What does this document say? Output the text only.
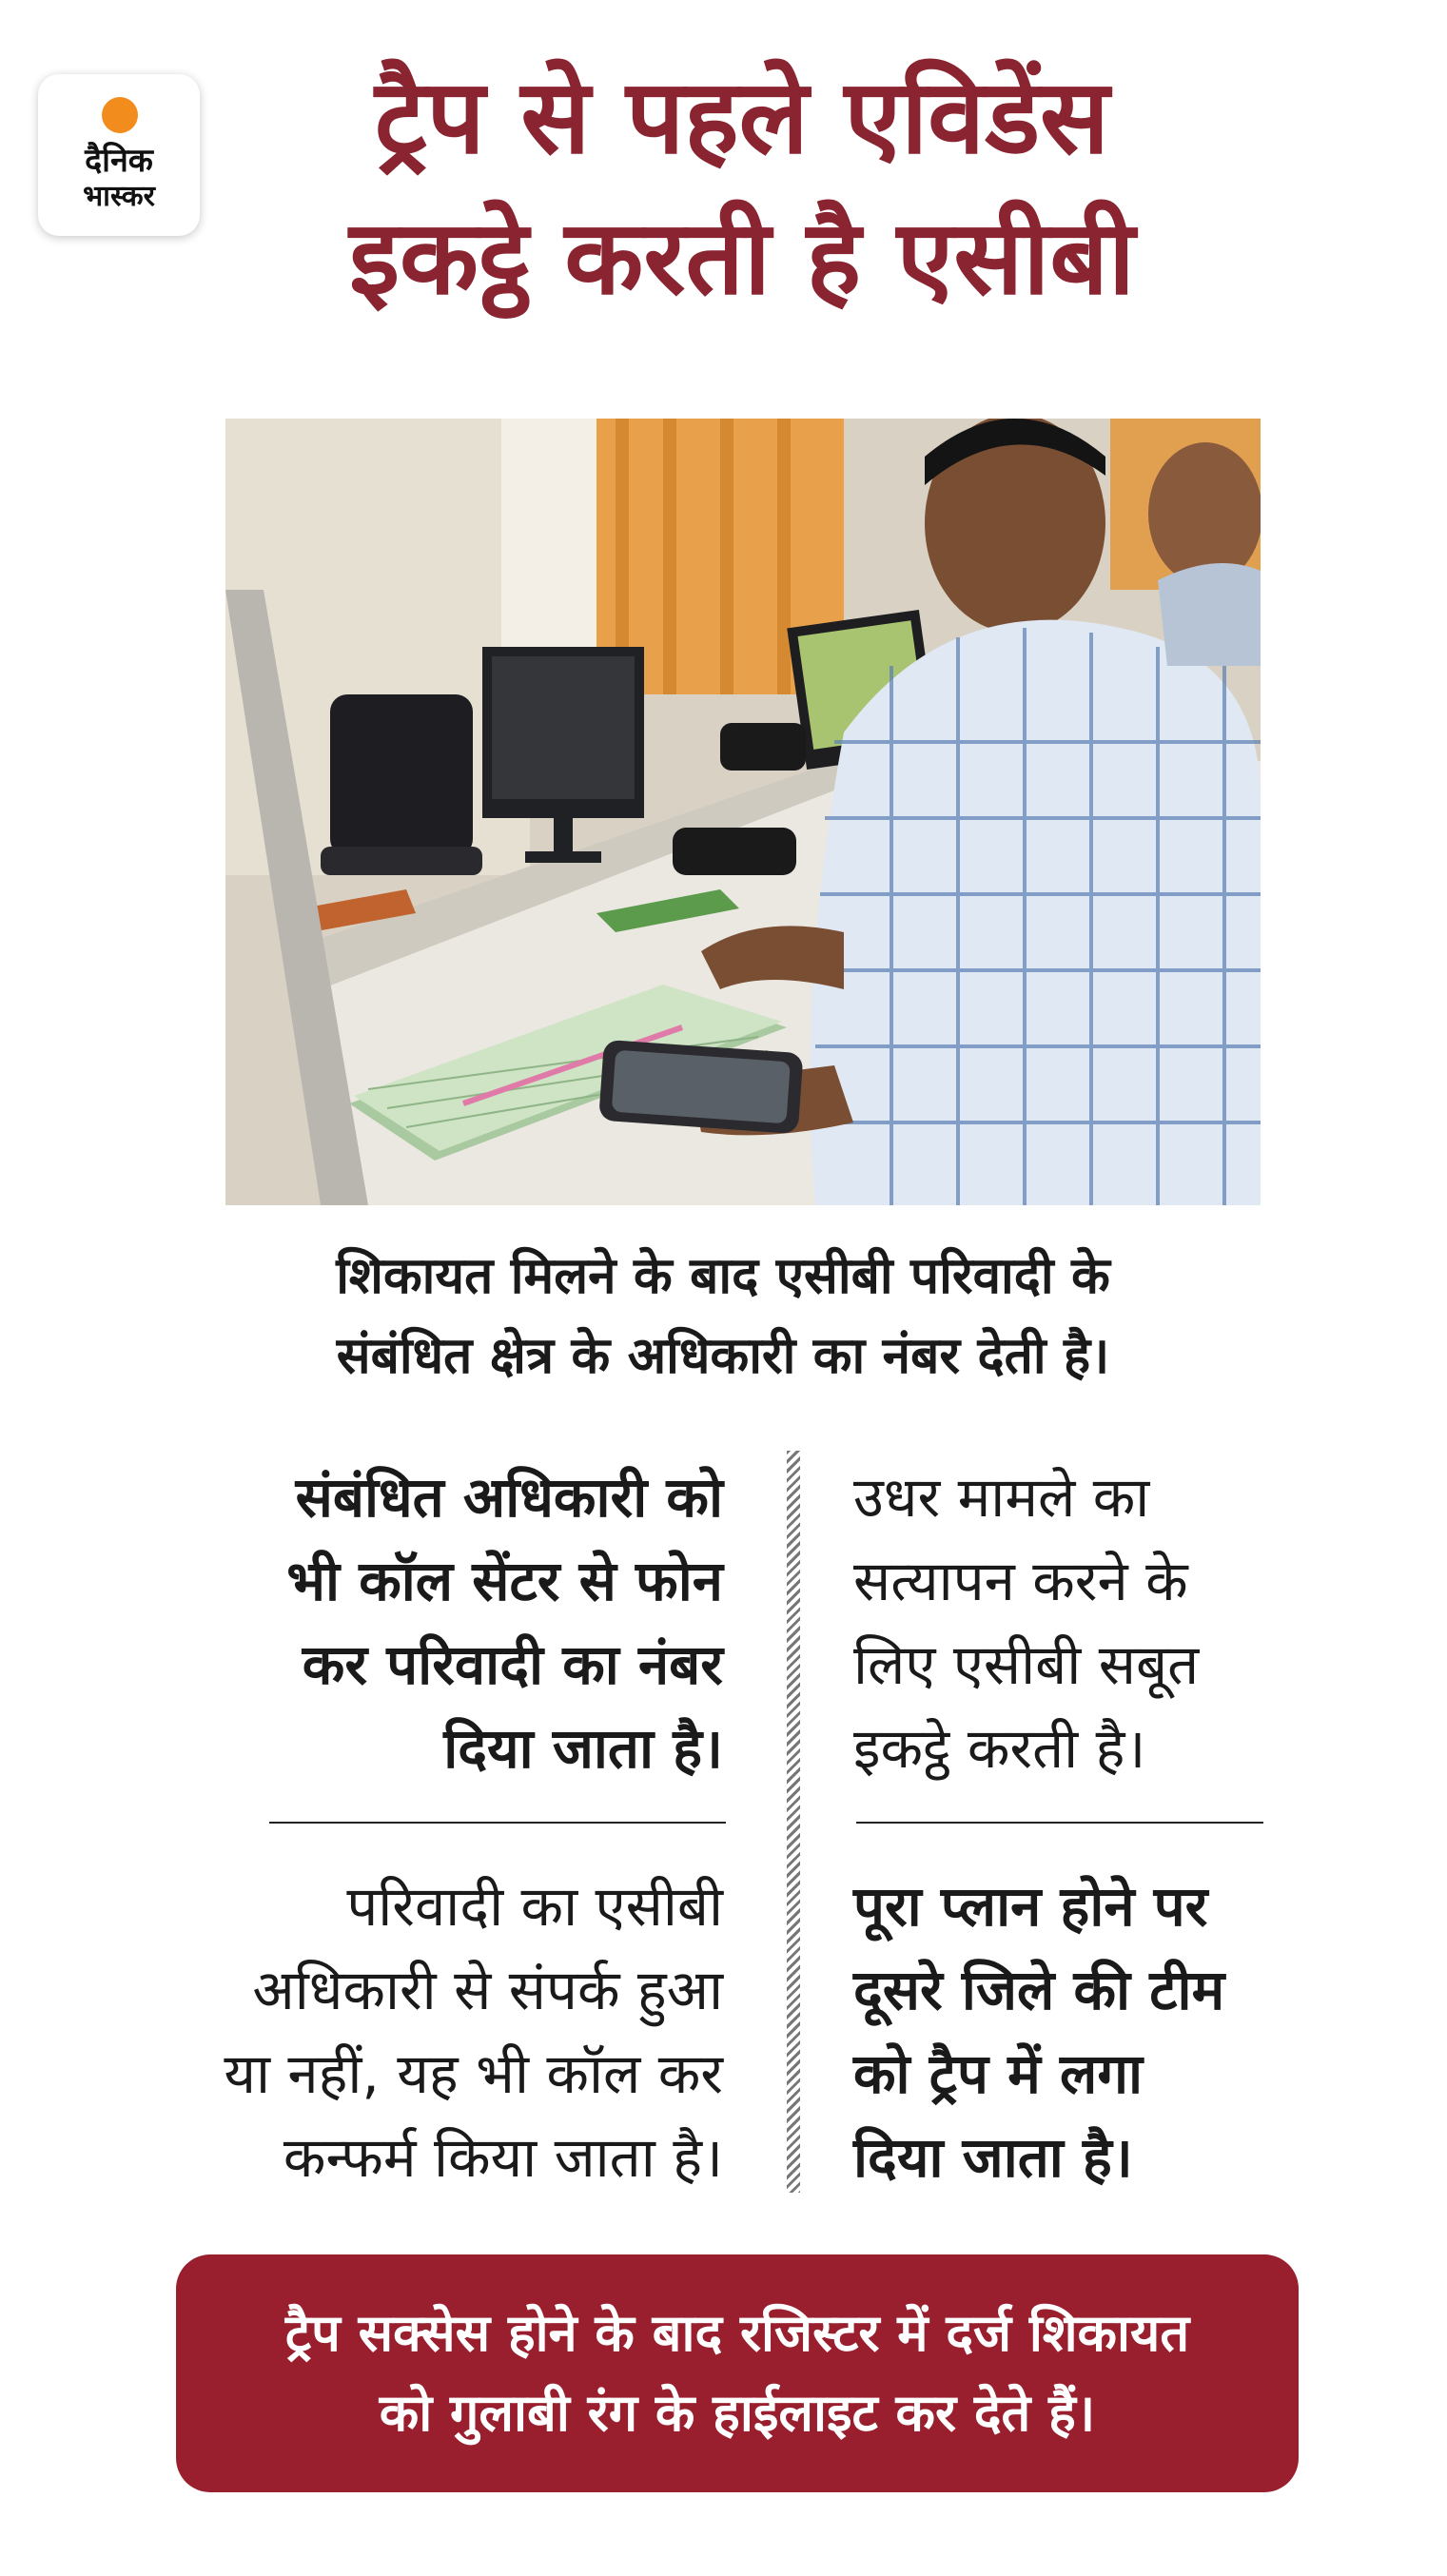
दैनिक
भास्कर
ट्रैप से पहले एविडेंस
इकट्ठे करती है एसीबी
शिकायत मिलने के बाद एसीबी परिवादी के
संबंधित क्षेत्र के अधिकारी का नंबर देती है।
संबंधित अधिकारी को
भी कॉल सेंटर से फोन
कर परिवादी का नंबर
दिया जाता है।
परिवादी का एसीबी
अधिकारी से संपर्क हुआ
या नहीं, यह भी कॉल कर
कन्फर्म किया जाता है।
उधर मामले का
सत्यापन करने के
लिए एसीबी सबूत
इकट्ठे करती है।
पूरा प्लान होने पर
दूसरे जिले की टीम
को ट्रैप में लगा
दिया जाता है।
ट्रैप सक्सेस होने के बाद रजिस्टर में दर्ज शिकायत
को गुलाबी रंग के हाईलाइट कर देते हैं।
